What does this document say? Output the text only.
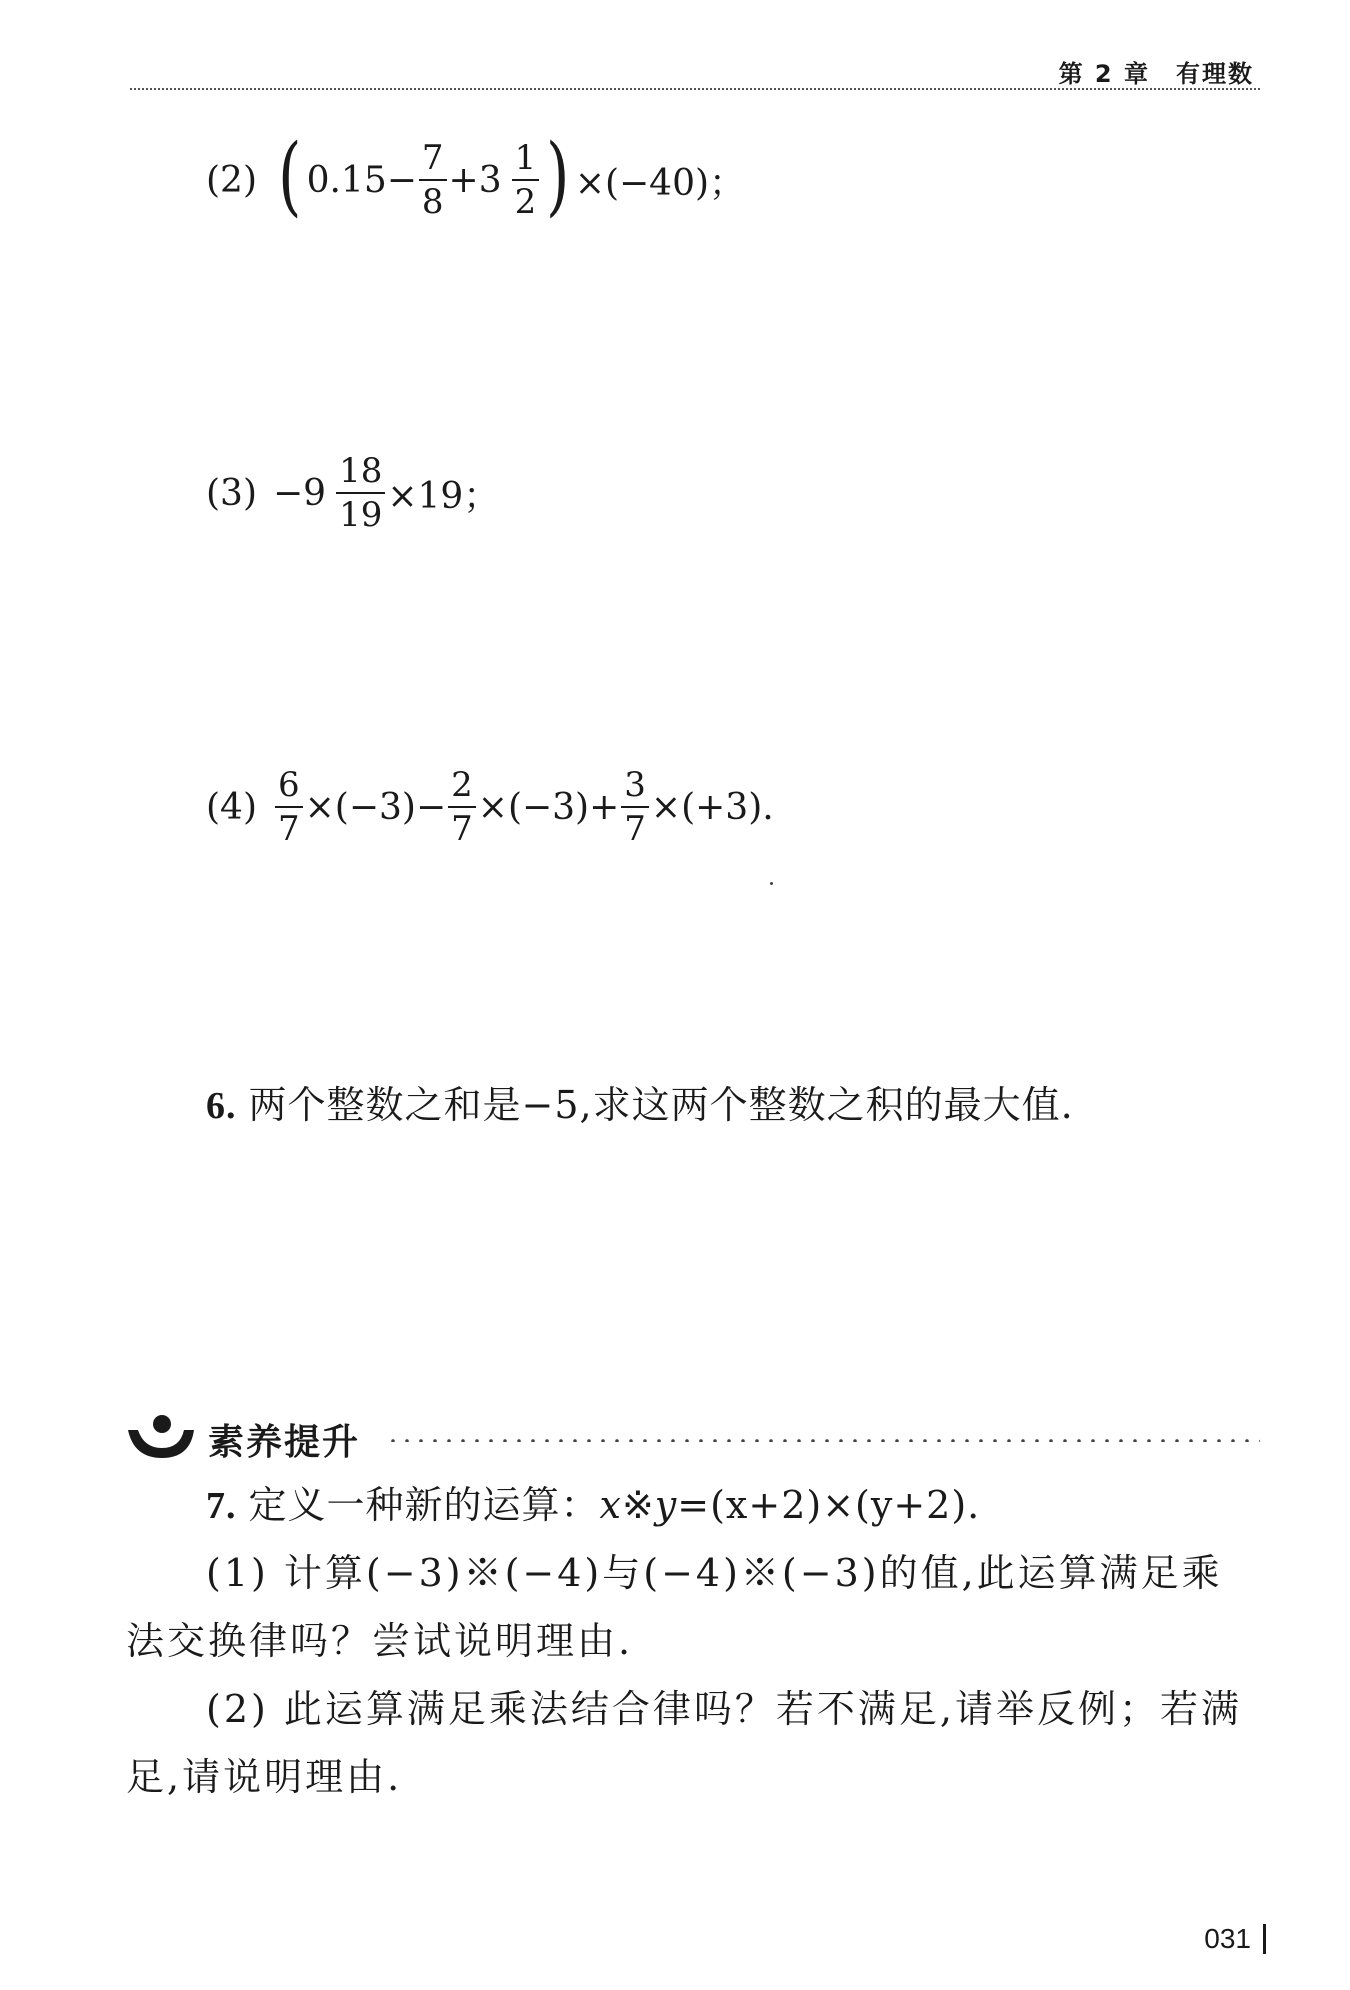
第 2 章 有理数
(2) ( $0.15- \frac{7}{8} +3 \frac{1}{2}$ ) ×(−40)；
$(3) -9 \frac{18}{19} \times 19$；
$(4) \frac{6}{7} \times(-3)- \frac{2}{7} \times(-3)+ \frac{3}{7} \times(+3)$.
6. 两个整数之和是−5,求这两个整数之积的最大值.
素养提升
7. 定义一种新的运算：x※y=(x+2)×(y+2).
(1) 计算(−3)※(−4)与(−4)※(−3)的值,此运算满足乘
法交换律吗？尝试说明理由.
(2) 此运算满足乘法结合律吗？若不满足,请举反例；若满
足,请说明理由.
031
